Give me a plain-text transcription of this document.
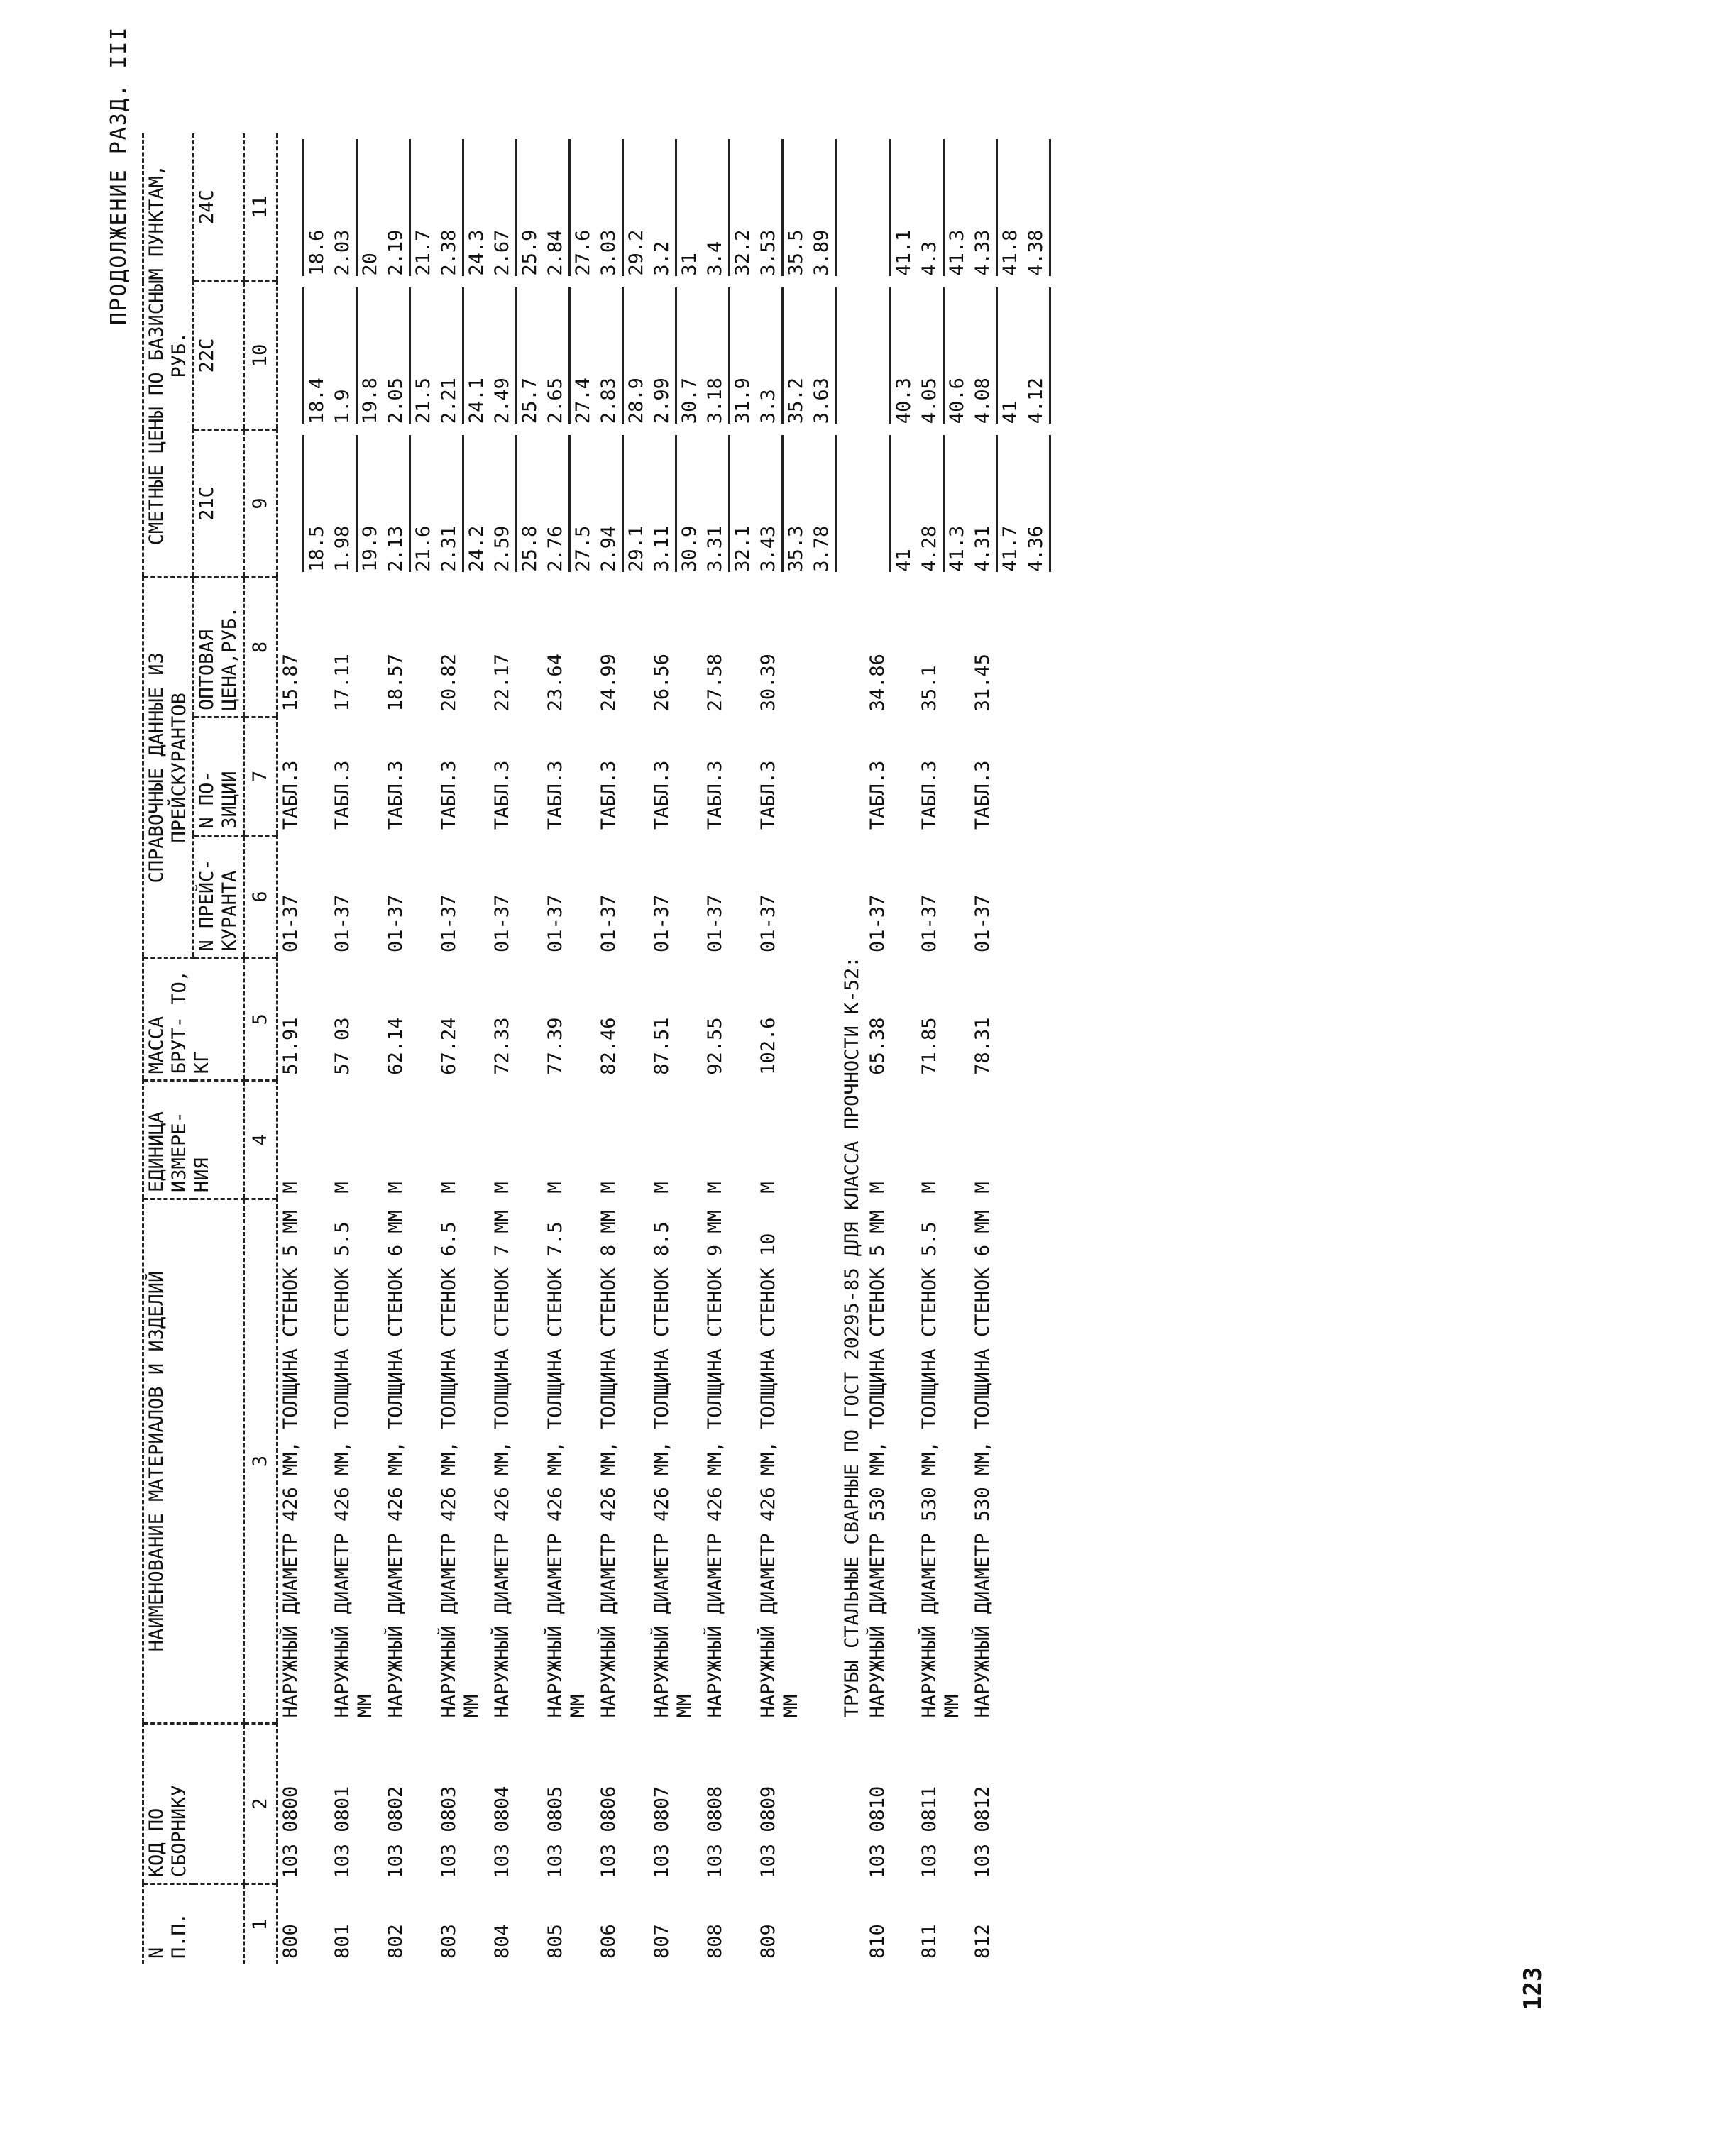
ПРОДОЛЖЕНИЕ РАЗД. III
123
N П.П.	КОД ПО СБОРНИКУ	НАИМЕНОВАНИЕ МАТЕРИАЛОВ И ИЗДЕЛИЙ	ЕДИНИЦА ИЗМЕРЕ- НИЯ	МАССА БРУТ- ТО, КГ	СПРАВОЧНЫЕ ДАННЫЕ ИЗ ПРЕЙСКУРАНТОВ			СМЕТНЫЕ ЦЕНЫ ПО БАЗИСНЫМ ПУНКТАМ, РУБ.		
					N ПРЕЙС- КУРАНТА	N ПО- ЗИЦИИ	ОПТОВАЯ ЦЕНА,РУБ.	21С	22С	24С
1	2	3	4	5	6	7	8	9	10	11
800	103 0800	НАРУЖНЫЙ ДИАМЕТР 426 ММ, ТОЛЩИНА СТЕНОК 5 ММ	М	51.91	01-37	ТАБЛ.3	15.87	18.5	18.4	18.6

801	103 0801	НАРУЖНЫЙ ДИАМЕТР 426 ММ, ТОЛЩИНА СТЕНОК 5.5 ММ	М	57 03	01-37	ТАБЛ.3	17.11	1.98 19.9	1.9 19.8	2.03 20

802	103 0802	НАРУЖНЫЙ ДИАМЕТР 426 ММ, ТОЛЩИНА СТЕНОК 6 ММ	М	62.14	01-37	ТАБЛ.3	18.57	2.13 21.6	2.05 21.5	2.19 21.7

803	103 0803	НАРУЖНЫЙ ДИАМЕТР 426 ММ, ТОЛЩИНА СТЕНОК 6.5 ММ	М	67.24	01-37	ТАБЛ.3	20.82	2.31 24.2	2.21 24.1	2.38 24.3

804	103 0804	НАРУЖНЫЙ ДИАМЕТР 426 ММ, ТОЛЩИНА СТЕНОК 7 ММ	М	72.33	01-37	ТАБЛ.3	22.17	2.59 25.8	2.49 25.7	2.67 25.9

805	103 0805	НАРУЖНЫЙ ДИАМЕТР 426 ММ, ТОЛЩИНА СТЕНОК 7.5 ММ	М	77.39	01-37	ТАБЛ.3	23.64	2.76 27.5	2.65 27.4	2.84 27.6

806	103 0806	НАРУЖНЫЙ ДИАМЕТР 426 ММ, ТОЛЩИНА СТЕНОК 8 ММ	М	82.46	01-37	ТАБЛ.3	24.99	2.94 29.1	2.83 28.9	3.03 29.2

807	103 0807	НАРУЖНЫЙ ДИАМЕТР 426 ММ, ТОЛЩИНА СТЕНОК 8.5 ММ	М	87.51	01-37	ТАБЛ.3	26.56	3.11 30.9	2.99 30.7	3.2 31

808	103 0808	НАРУЖНЫЙ ДИАМЕТР 426 ММ, ТОЛЩИНА СТЕНОК 9 ММ	М	92.55	01-37	ТАБЛ.3	27.58	3.31 32.1	3.18 31.9	3.4 32.2

809	103 0809	НАРУЖНЫЙ ДИАМЕТР 426 ММ, ТОЛЩИНА СТЕНОК 10 ММ	М	102.6	01-37	ТАБЛ.3	30.39	3.43 35.3	3.3 35.2	3.53 35.5

								3.78	3.63	3.89

		ТРУБЫ СТАЛЬНЫЕ СВАРНЫЕ ПО ГОСТ 20295-85 ДЛЯ КЛАССА ПРОЧНОСТИ К-52:								
810	103 0810	НАРУЖНЫЙ ДИАМЕТР 530 ММ, ТОЛЩИНА СТЕНОК 5 ММ	М	65.38	01-37	ТАБЛ.3	34.86	41	40.3	41.1

811	103 0811	НАРУЖНЫЙ ДИАМЕТР 530 ММ, ТОЛЩИНА СТЕНОК 5.5 ММ	М	71.85	01-37	ТАБЛ.3	35.1	4.28 41.3	4.05 40.6	4.3 41.3

812	103 0812	НАРУЖНЫЙ ДИАМЕТР 530 ММ, ТОЛЩИНА СТЕНОК 6 ММ	М	78.31	01-37	ТАБЛ.3	31.45	4.31 41.7	4.08 41	4.33 41.8

								4.36	4.12	4.38
